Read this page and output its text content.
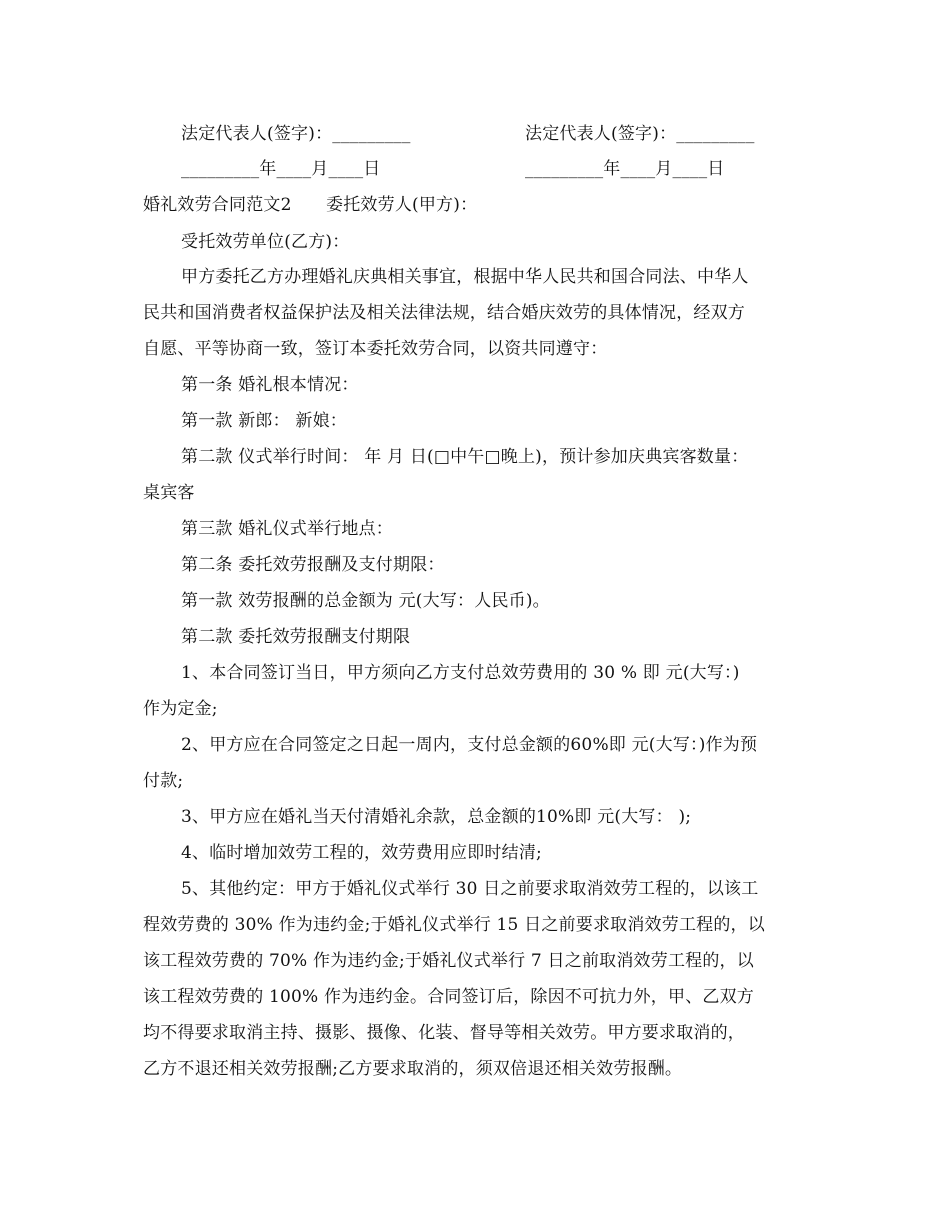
法定代表人(签字)：_________	法定代表人(签字)：_________
_________年____月____日	_________年____月____日
婚礼效劳合同范文2　　委托效劳人(甲方)：
受托效劳单位(乙方)：
甲方委托乙方办理婚礼庆典相关事宜，根据中华人民共和国合同法、中华人
民共和国消费者权益保护法及相关法律法规，结合婚庆效劳的具体情况，经双方
自愿、平等协商一致，签订本委托效劳合同，以资共同遵守：
第一条 婚礼根本情况：
第一款 新郎： 新娘：
第二款 仪式举行时间： 年 月 日(□中午□晚上)，预计参加庆典宾客数量：
桌宾客
第三款 婚礼仪式举行地点：
第二条 委托效劳报酬及支付期限：
第一款 效劳报酬的总金额为 元(大写：人民币)。
第二款 委托效劳报酬支付期限
1、本合同签订当日，甲方须向乙方支付总效劳费用的 30 % 即 元(大写：)
作为定金;
2、甲方应在合同签定之日起一周内，支付总金额的60%即 元(大写：)作为预
付款;
3、甲方应在婚礼当天付清婚礼余款，总金额的10%即 元(大写： );
4、临时增加效劳工程的，效劳费用应即时结清;
5、其他约定：甲方于婚礼仪式举行 30 日之前要求取消效劳工程的，以该工
程效劳费的 30% 作为违约金;于婚礼仪式举行 15 日之前要求取消效劳工程的，以
该工程效劳费的 70% 作为违约金;于婚礼仪式举行 7 日之前取消效劳工程的，以
该工程效劳费的 100% 作为违约金。合同签订后，除因不可抗力外，甲、乙双方
均不得要求取消主持、摄影、摄像、化装、督导等相关效劳。甲方要求取消的，
乙方不退还相关效劳报酬;乙方要求取消的，须双倍退还相关效劳报酬。
